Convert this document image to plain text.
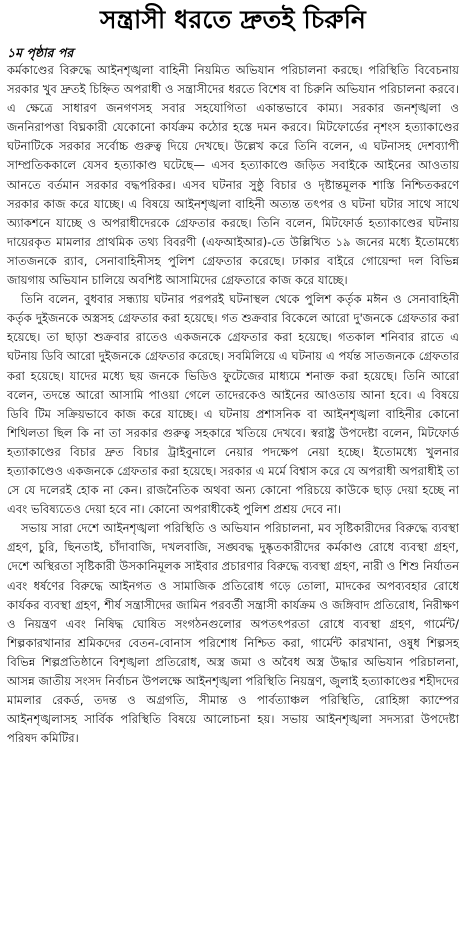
সন্ত্রাসী ধরতে দ্রুতই চিরুনি
১ম পৃষ্ঠার পর

কর্মকাণ্ডের বিরুদ্ধে আইনশৃঙ্খলা বাহিনী নিয়মিত অভিযান পরিচালনা করছে। পরিস্থিতি বিবেচনায় সরকার খুব দ্রুতই চিহ্নিত অপরাধী ও সন্ত্রাসীদের ধরতে বিশেষ বা চিরুনি অভিযান পরিচালনা করবে। এ ক্ষেত্রে সাধারণ জনগণসহ সবার সহযোগিতা একান্তভাবে কাম্য। সরকার জনশৃঙ্খলা ও জননিরাপত্তা বিঘ্নকারী যেকোনো কার্যক্রম কঠোর হস্তে দমন করবে। মিটফোর্ডের নৃশংস হত্যাকাণ্ডের ঘটনাটিকে সরকার সর্বোচ্চ গুরুত্ব দিয়ে দেখছে। উল্লেখ করে তিনি বলেন, এ ঘটনাসহ দেশব্যাপী সাম্প্রতিককালে যেসব হত্যাকাণ্ড ঘটেছে— এসব হত্যাকাণ্ডে জড়িত সবাইকে আইনের আওতায় আনতে বর্তমান সরকার বদ্ধপরিকর। এসব ঘটনার সুষ্ঠু বিচার ও দৃষ্টান্তমূলক শাস্তি নিশ্চিতকরণে সরকার কাজ করে যাচ্ছে। এ বিষয়ে আইনশৃঙ্খলা বাহিনী অত্যন্ত তৎপর ও ঘটনা ঘটার সাথে সাথে অ্যাকশনে যাচ্ছে ও অপরাধীদেরকে গ্রেফতার করছে। তিনি বলেন, মিটফোর্ড হত্যাকাণ্ডের ঘটনায় দায়েরকৃত মামলার প্রাথমিক তথ্য বিবরণী (এফআইআর)-তে উল্লিখিত ১৯ জনের মধ্যে ইতোমধ্যে সাতজনকে র‌্যাব, সেনাবাহিনীসহ পুলিশ গ্রেফতার করেছে। ঢাকার বাইরে গোয়েন্দা দল বিভিন্ন জায়গায় অভিযান চালিয়ে অবশিষ্ট আসামিদের গ্রেফতারে কাজ করে যাচ্ছে।

তিনি বলেন, বুধবার সন্ধ্যায় ঘটনার পরপরই ঘটনাস্থল থেকে পুলিশ কর্তৃক মঈন ও সেনাবাহিনী কর্তৃক দুইজনকে অস্ত্রসহ গ্রেফতার করা হয়েছে। গত শুক্রবার বিকেলে আরো দু'জনকে গ্রেফতার করা হয়েছে। তা ছাড়া শুক্রবার রাতেও একজনকে গ্রেফতার করা হয়েছে। গতকাল শনিবার রাতে এ ঘটনায় ডিবি আরো দুইজনকে গ্রেফতার করেছে। সবমিলিয়ে এ ঘটনায় এ পর্যন্ত সাতজনকে গ্রেফতার করা হয়েছে। যাদের মধ্যে ছয় জনকে ভিডিও ফুটেজের মাধ্যমে শনাক্ত করা হয়েছে। তিনি আরো বলেন, তদন্তে আরো আসামি পাওয়া গেলে তাদেরকেও আইনের আওতায় আনা হবে। এ বিষয়ে ডিবি টিম সক্রিয়ভাবে কাজ করে যাচ্ছে। এ ঘটনায় প্রশাসনিক বা আইনশৃঙ্খলা বাহিনীর কোনো শিথিলতা ছিল কি না তা সরকার গুরুত্ব সহকারে খতিয়ে দেখবে। স্বরাষ্ট্র উপদেষ্টা বলেন, মিটফোর্ড হত্যাকাণ্ডের বিচার দ্রুত বিচার ট্রাইবুনালে নেয়ার পদক্ষেপ নেয়া হচ্ছে। ইতোমধ্যে খুলনার হত্যাকাণ্ডেও একজনকে গ্রেফতার করা হয়েছে। সরকার এ মর্মে বিশ্বাস করে যে অপরাধী অপরাধীই তা সে যে দলেরই হোক না কেন। রাজনৈতিক অথবা অন্য কোনো পরিচয়ে কাউকে ছাড় দেয়া হচ্ছে না এবং ভবিষ্যতেও দেয়া হবে না। কোনো অপরাধীকেই পুলিশ প্রশ্রয় দেবে না।

সভায় সারা দেশে আইনশৃঙ্খলা পরিস্থিতি ও অভিযান পরিচালনা, মব সৃষ্টিকারীদের বিরুদ্ধে ব্যবস্থা গ্রহণ, চুরি, ছিনতাই, চাঁদাবাজি, দখলবাজি, সঙ্ঘবদ্ধ দুষ্কৃতকারীদের কর্মকাণ্ড রোধে ব্যবস্থা গ্রহণ, দেশে অস্থিরতা সৃষ্টিকারী উসকানিমূলক সাইবার প্রচারণার বিরুদ্ধে ব্যবস্থা গ্রহণ, নারী ও শিশু নির্যাতন এবং ধর্ষণের বিরুদ্ধে আইনগত ও সামাজিক প্রতিরোধ গড়ে তোলা, মাদকের অপব্যবহার রোধে কার্যকর ব্যবস্থা গ্রহণ, শীর্ষ সন্ত্রাসীদের জামিন পরবর্তী সন্ত্রাসী কার্যক্রম ও জঙ্গিবাদ প্রতিরোধ, নিরীক্ষণ ও নিয়ন্ত্রণ এবং নিষিদ্ধ ঘোষিত সংগঠনগুলোর অপতৎপরতা রোধে ব্যবস্থা গ্রহণ, গার্মেন্ট/ শিল্পকারখানার শ্রমিকদের বেতন-বোনাস পরিশোধ নিশ্চিত করা, গার্মেন্ট কারখানা, ওষুধ শিল্পসহ বিভিন্ন শিল্পপ্রতিষ্ঠানে বিশৃঙ্খলা প্রতিরোধ, অস্ত্র জমা ও অবৈধ অস্ত্র উদ্ধার অভিযান পরিচালনা, আসন্ন জাতীয় সংসদ নির্বাচন উপলক্ষে আইনশৃঙ্খলা পরিস্থিতি নিয়ন্ত্রণ, জুলাই হত্যাকাণ্ডের শহীদদের মামলার রেকর্ড, তদন্ত ও অগ্রগতি, সীমান্ত ও পার্বত্যাঞ্চল পরিস্থিতি, রোহিঙ্গা ক্যাম্পের আইনশৃঙ্খলাসহ সার্বিক পরিস্থিতি বিষয়ে আলোচনা হয়। সভায় আইনশৃঙ্খলা সদস্যরা উপদেষ্টা পরিষদ কমিটির।
